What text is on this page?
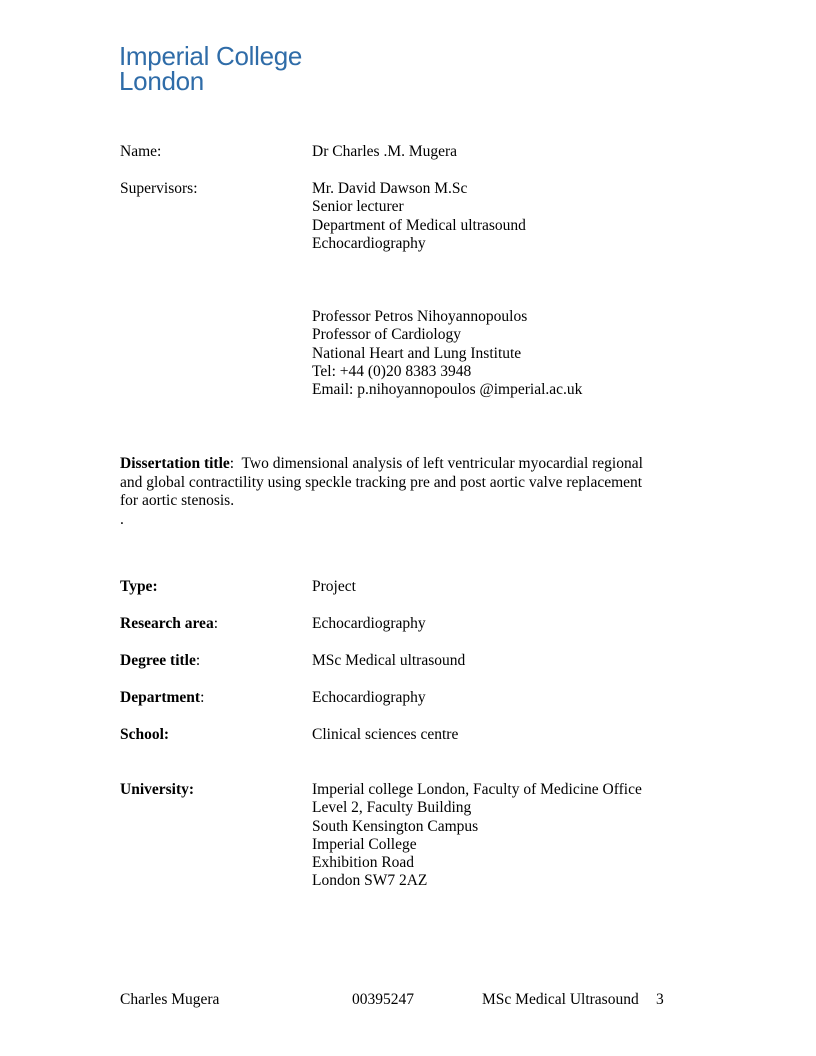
Imperial College
London
Name:	Dr Charles .M. Mugera
Supervisors:	Mr. David Dawson M.Sc
Senior lecturer
Department of Medical ultrasound
Echocardiography
Professor Petros Nihoyannopoulos
Professor of Cardiology
National Heart and Lung Institute
Tel: +44 (0)20 8383 3948
Email: p.nihoyannopoulos @imperial.ac.uk
Dissertation title:  Two dimensional analysis of left ventricular myocardial regional
and global contractility using speckle tracking pre and post aortic valve replacement
for aortic stenosis.
.
Type:	Project
Research area:	Echocardiography
Degree title:	MSc Medical ultrasound
Department:	Echocardiography
School:	Clinical sciences centre
University:	Imperial college London, Faculty of Medicine Office
Level 2, Faculty Building
South Kensington Campus
Imperial College
Exhibition Road
London SW7 2AZ
Charles Mugera	00395247	MSc Medical Ultrasound 3
